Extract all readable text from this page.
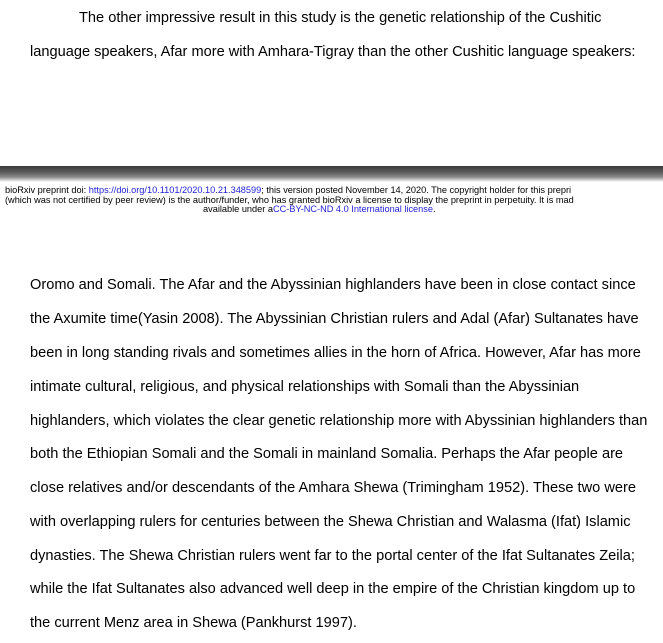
The other impressive result in this study is the genetic relationship of the Cushitic
language speakers, Afar more with Amhara-Tigray than the other Cushitic language speakers:
bioRxiv preprint doi: https://doi.org/10.1101/2020.10.21.348599; this version posted November 14, 2020. The copyright holder for this prepri
(which was not certified by peer review) is the author/funder, who has granted bioRxiv a license to display the preprint in perpetuity. It is mad
available under aCC-BY-NC-ND 4.0 International license.
Oromo and Somali. The Afar and the Abyssinian highlanders have been in close contact since
the Axumite time(Yasin 2008). The Abyssinian Christian rulers and Adal (Afar) Sultanates have
been in long standing rivals and sometimes allies in the horn of Africa. However, Afar has more
intimate cultural, religious, and physical relationships with Somali than the Abyssinian
highlanders, which violates the clear genetic relationship more with Abyssinian highlanders than
both the Ethiopian Somali and the Somali in mainland Somalia. Perhaps the Afar people are
close relatives and/or descendants of the Amhara Shewa (Trimingham 1952). These two were
with overlapping rulers for centuries between the Shewa Christian and Walasma (Ifat) Islamic
dynasties. The Shewa Christian rulers went far to the portal center of the Ifat Sultanates Zeila;
while the Ifat Sultanates also advanced well deep in the empire of the Christian kingdom up to
the current Menz area in Shewa (Pankhurst 1997).
